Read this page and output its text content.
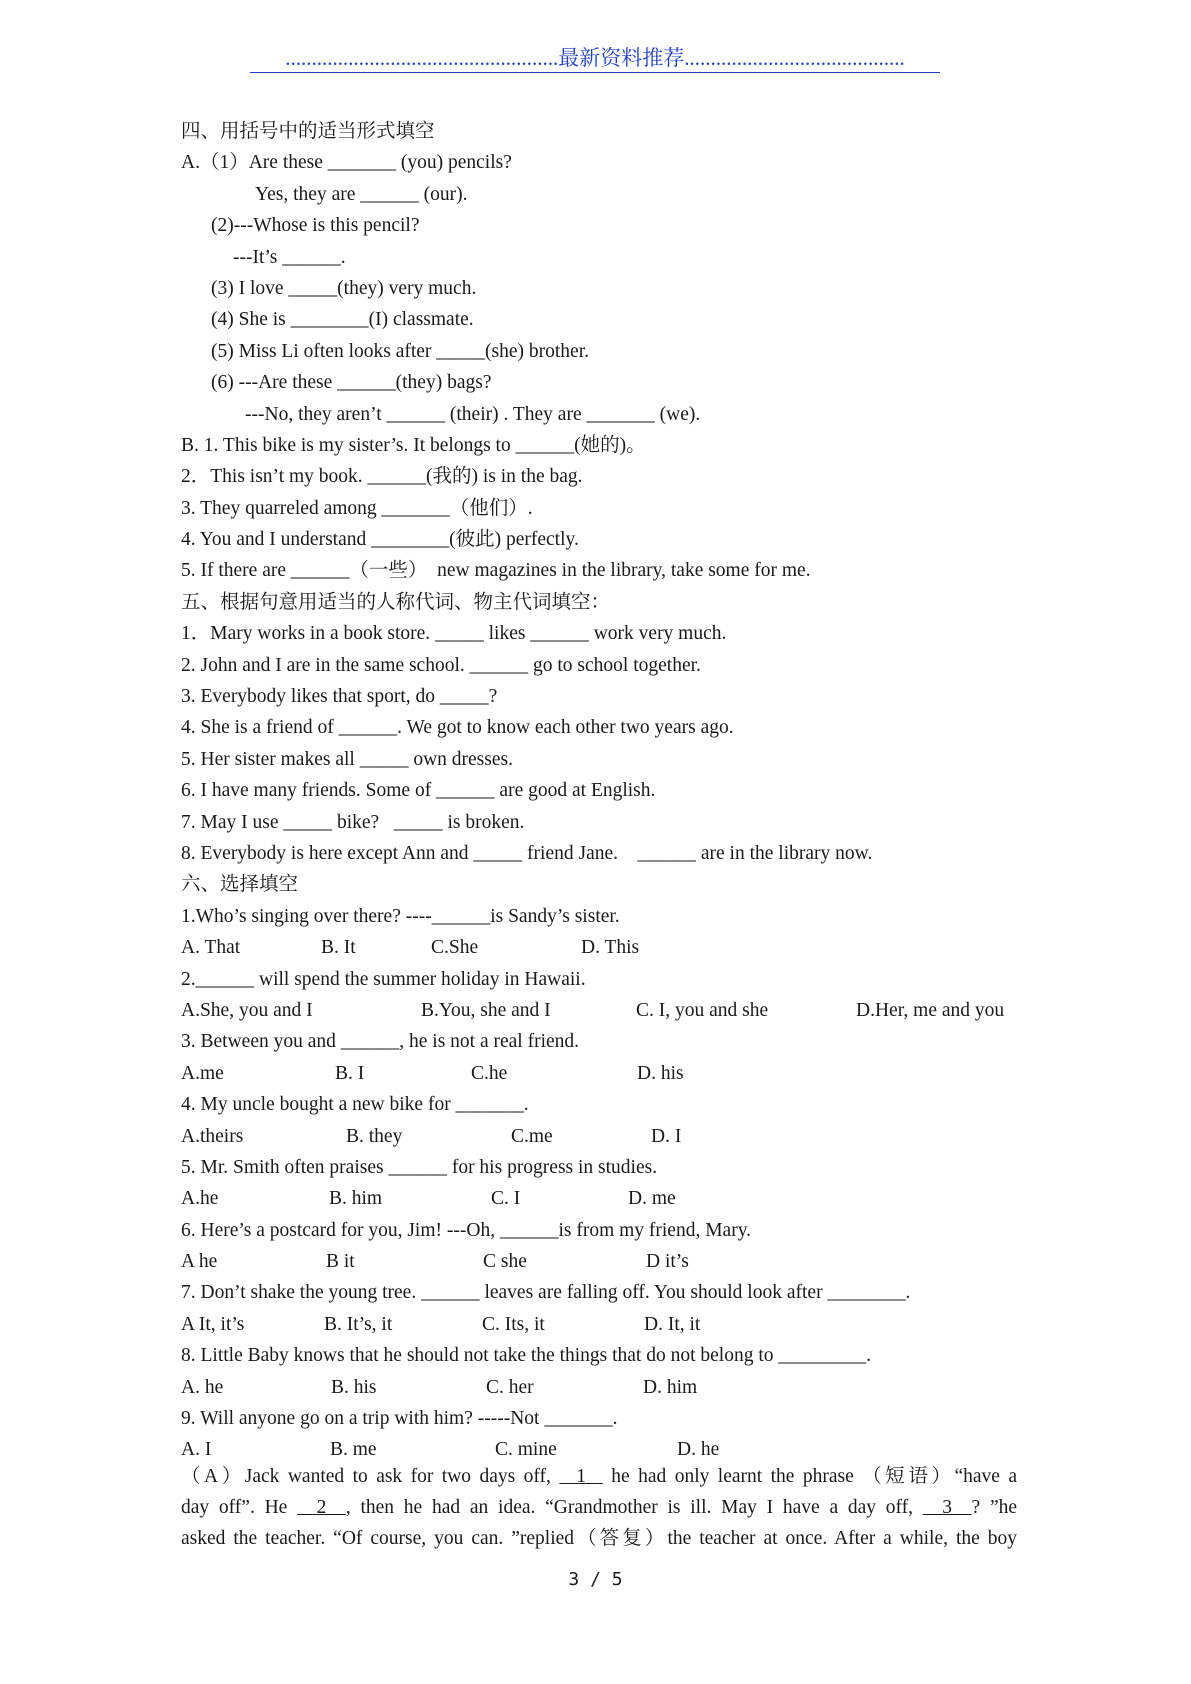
....................................................最新资料推荐..........................................
四、用括号中的适当形式填空
A.（1）Are these _______ (you) pencils?
Yes, they are ______ (our).
(2)---Whose is this pencil?
---It’s ______.
(3) I love _____(they) very much.
(4) She is ________(I) classmate.
(5) Miss Li often looks after _____(she) brother.
(6) ---Are these ______(they) bags?
---No, they aren’t ______ (their) . They are _______ (we).
B. 1. This bike is my sister’s. It belongs to ______(她的)。
2．This isn’t my book. ______(我的) is in the bag.
3. They quarreled among _______（他们）.
4. You and I understand ________(彼此) perfectly.
5. If there are ______（一些）  new magazines in the library, take some for me.
五、根据句意用适当的人称代词、物主代词填空：
1．Mary works in a book store. _____ likes ______ work very much.
2. John and I are in the same school. ______ go to school together.
3. Everybody likes that sport, do _____?
4. She is a friend of ______. We got to know each other two years ago.
5. Her sister makes all _____ own dresses.
6. I have many friends. Some of ______ are good at English.
7. May I use _____ bike?   _____ is broken.
8. Everybody is here except Ann and _____ friend Jane.    ______ are in the library now.
六、选择填空
1.Who’s singing over there? ----______is Sandy’s sister.
A. That	B. It	C.She	D. This
2.______ will spend the summer holiday in Hawaii.
A.She, you and I	B.You, she and I	C. I, you and she	D.Her, me and you
3. Between you and ______, he is not a real friend.
A.me	B. I	C.he	D. his
4. My uncle bought a new bike for _______.
A.theirs	B. they	C.me	D. I
5. Mr. Smith often praises ______ for his progress in studies.
A.he	B. him	C. I	D. me
6. Here’s a postcard for you, Jim! ---Oh, ______is from my friend, Mary.
A he	B it	C she	D it’s
7. Don’t shake the young tree. ______ leaves are falling off. You should look after ________.
A It, it’s	B. It’s, it	C. Its, it	D. It, it
8. Little Baby knows that he should not take the things that do not belong to _________.
A. he	B. his	C. her	D. him
9. Will anyone go on a trip with him? -----Not _______.
A. I	B. me	C. mine	D. he
（A）Jack wanted to ask for two days off,   1   he had only learnt the phrase （短语）“have a
day off”. He   2  , then he had an idea. “Grandmother is ill. May I have a day off,   3  ? ”he
asked the teacher. “Of course, you can. ”replied（答复）the teacher at once. After a while, the boy
3 / 5
